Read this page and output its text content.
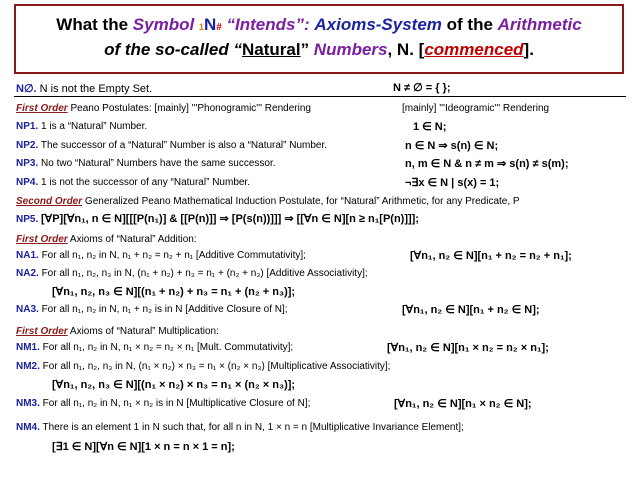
What the Symbol 1N# “Intends”: Axioms-System of the Arithmetic
of the so-called “Natural” Numbers, N. [commenced].
N∅. N is not the Empty Set.	N ≠ ∅ = { };
First Order Peano Postulates: [mainly] '''Phonogramic''' Rendering	[mainly] '''Ideogramic''' Rendering
NP1. 1 is a “Natural” Number.	1 ∈ N;
NP2. The successor of a “Natural” Number is also a “Natural” Number.	n ∈ N ⇒ s(n) ∈ N;
NP3. No two “Natural” Numbers have the same successor.	n, m ∈ N & n ≠ m ⇒ s(n) ≠ s(m);
NP4. 1 is not the successor of any “Natural” Number.	¬∃x ∈ N | s(x) = 1;
Second Order Generalized Peano Mathematical Induction Postulate, for “Natural” Arithmetic, for any Predicate, P
NP5. [∀P][∀n₁, n ∈ N][[[P(n₁)] & [[P(n)]] ⇒ [P(s(n))]]] ⇒ [[∀n ∈ N][n ≥ n₁[P(n)]]];
First Order Axioms of “Natural” Addition:
NA1. For all n₁, n₂ in N, n₁ + n₂ = n₂ + n₁ [Additive Commutativity];	[∀n₁, n₂ ∈ N][n₁ + n₂ = n₂ + n₁];
NA2. For all n₁, n₂, n₃ in N, (n₁ + n₂) + n₃ = n₁ + (n₂ + n₃) [Additive Associativity];
[∀n₁, n₂, n₃ ∈ N][(n₁ + n₂) + n₃ = n₁ + (n₂ + n₃)];
NA3. For all n₁, n₂ in N, n₁ + n₂ is in N [Additive Closure of N];	[∀n₁, n₂ ∈ N][n₁ + n₂ ∈ N];
First Order Axioms of “Natural” Multiplication:
NM1. For all n₁, n₂ in N, n₁ × n₂ = n₂ × n₁ [Mult. Commutativity];	[∀n₁, n₂ ∈ N][n₁ × n₂ = n₂ × n₁];
NM2. For all n₁, n₂, n₃ in N, (n₁ × n₂) × n₃ = n₁ × (n₂ × n₃) [Multiplicative Associativity];
[∀n₁, n₂, n₃ ∈ N][(n₁ × n₂) × n₃ = n₁ × (n₂ × n₃)];
NM3. For all n₁, n₂ in N, n₁ × n₂ is in N [Multiplicative Closure of N];	[∀n₁, n₂ ∈ N][n₁ × n₂ ∈ N];
NM4. There is an element 1 in N such that, for all n in N, 1 × n = n [Multiplicative Invariance Element];
[∃1 ∈ N][∀n ∈ N][1 × n = n × 1 = n];
